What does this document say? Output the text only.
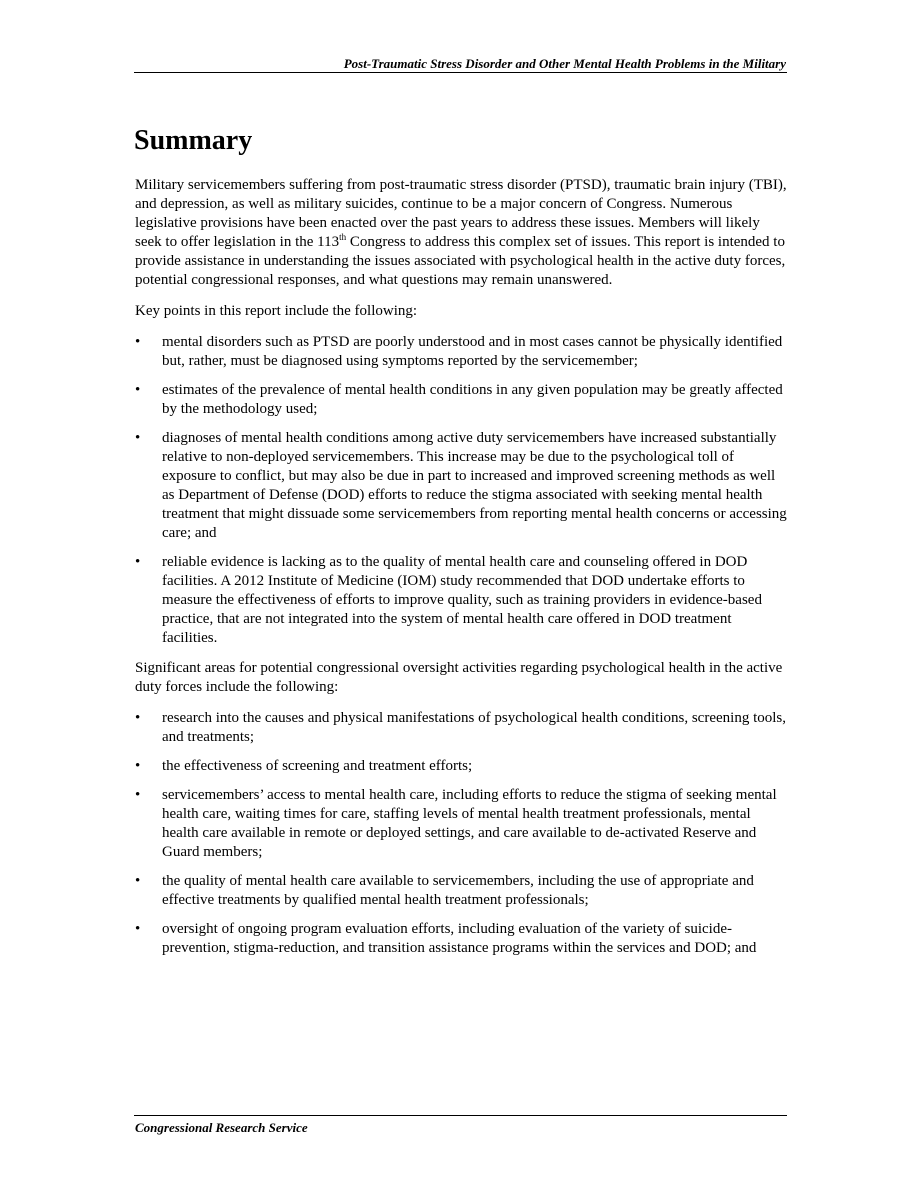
Post-Traumatic Stress Disorder and Other Mental Health Problems in the Military
Summary

Military servicemembers suffering from post-traumatic stress disorder (PTSD), traumatic brain injury (TBI), and depression, as well as military suicides, continue to be a major concern of Congress. Numerous legislative provisions have been enacted over the past years to address these issues. Members will likely seek to offer legislation in the 113th Congress to address this complex set of issues. This report is intended to provide assistance in understanding the issues associated with psychological health in the active duty forces, potential congressional responses, and what questions may remain unanswered.

Key points in this report include the following:

•	mental disorders such as PTSD are poorly understood and in most cases cannot be physically identified but, rather, must be diagnosed using symptoms reported by the servicemember;
•	estimates of the prevalence of mental health conditions in any given population may be greatly affected by the methodology used;
•	diagnoses of mental health conditions among active duty servicemembers have increased substantially relative to non-deployed servicemembers. This increase may be due to the psychological toll of exposure to conflict, but may also be due in part to increased and improved screening methods as well as Department of Defense (DOD) efforts to reduce the stigma associated with seeking mental health treatment that might dissuade some servicemembers from reporting mental health concerns or accessing care; and
•	reliable evidence is lacking as to the quality of mental health care and counseling offered in DOD facilities. A 2012 Institute of Medicine (IOM) study recommended that DOD undertake efforts to measure the effectiveness of efforts to improve quality, such as training providers in evidence-based practice, that are not integrated into the system of mental health care offered in DOD treatment facilities.

Significant areas for potential congressional oversight activities regarding psychological health in the active duty forces include the following:

•	research into the causes and physical manifestations of psychological health conditions, screening tools, and treatments;
•	the effectiveness of screening and treatment efforts;
•	servicemembers’ access to mental health care, including efforts to reduce the stigma of seeking mental health care, waiting times for care, staffing levels of mental health treatment professionals, mental health care available in remote or deployed settings, and care available to de-activated Reserve and Guard members;
•	the quality of mental health care available to servicemembers, including the use of appropriate and effective treatments by qualified mental health treatment professionals;
•	oversight of ongoing program evaluation efforts, including evaluation of the variety of suicide-prevention, stigma-reduction, and transition assistance programs within the services and DOD; and
Congressional Research Service
